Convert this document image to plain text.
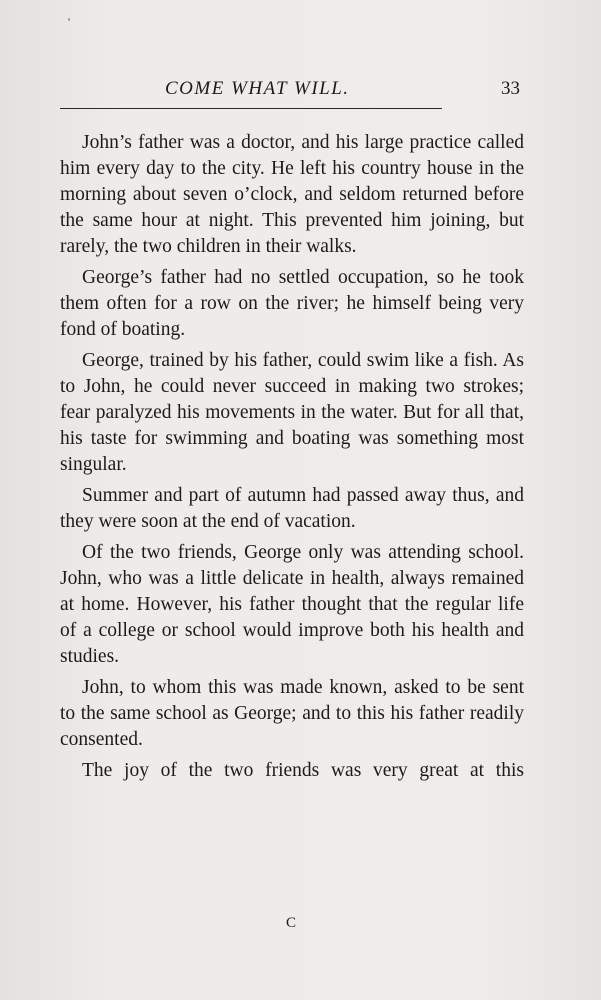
COME WHAT WILL.	33

John’s father was a doctor, and his large practice called him every day to the city. He left his country house in the morning about seven o’clock, and seldom returned before the same hour at night. This prevented him joining, but rarely, the two children in their walks.

George’s father had no settled occupation, so he took them often for a row on the river; he himself being very fond of boating.

George, trained by his father, could swim like a fish. As to John, he could never succeed in making two strokes; fear paralyzed his movements in the water. But for all that, his taste for swimming and boating was something most singular.

Summer and part of autumn had passed away thus, and they were soon at the end of vacation.

Of the two friends, George only was attending school. John, who was a little delicate in health, always remained at home. However, his father thought that the regular life of a college or school would improve both his health and studies.

John, to whom this was made known, asked to be sent to the same school as George; and to this his father readily consented.

The joy of the two friends was very great at this

C
